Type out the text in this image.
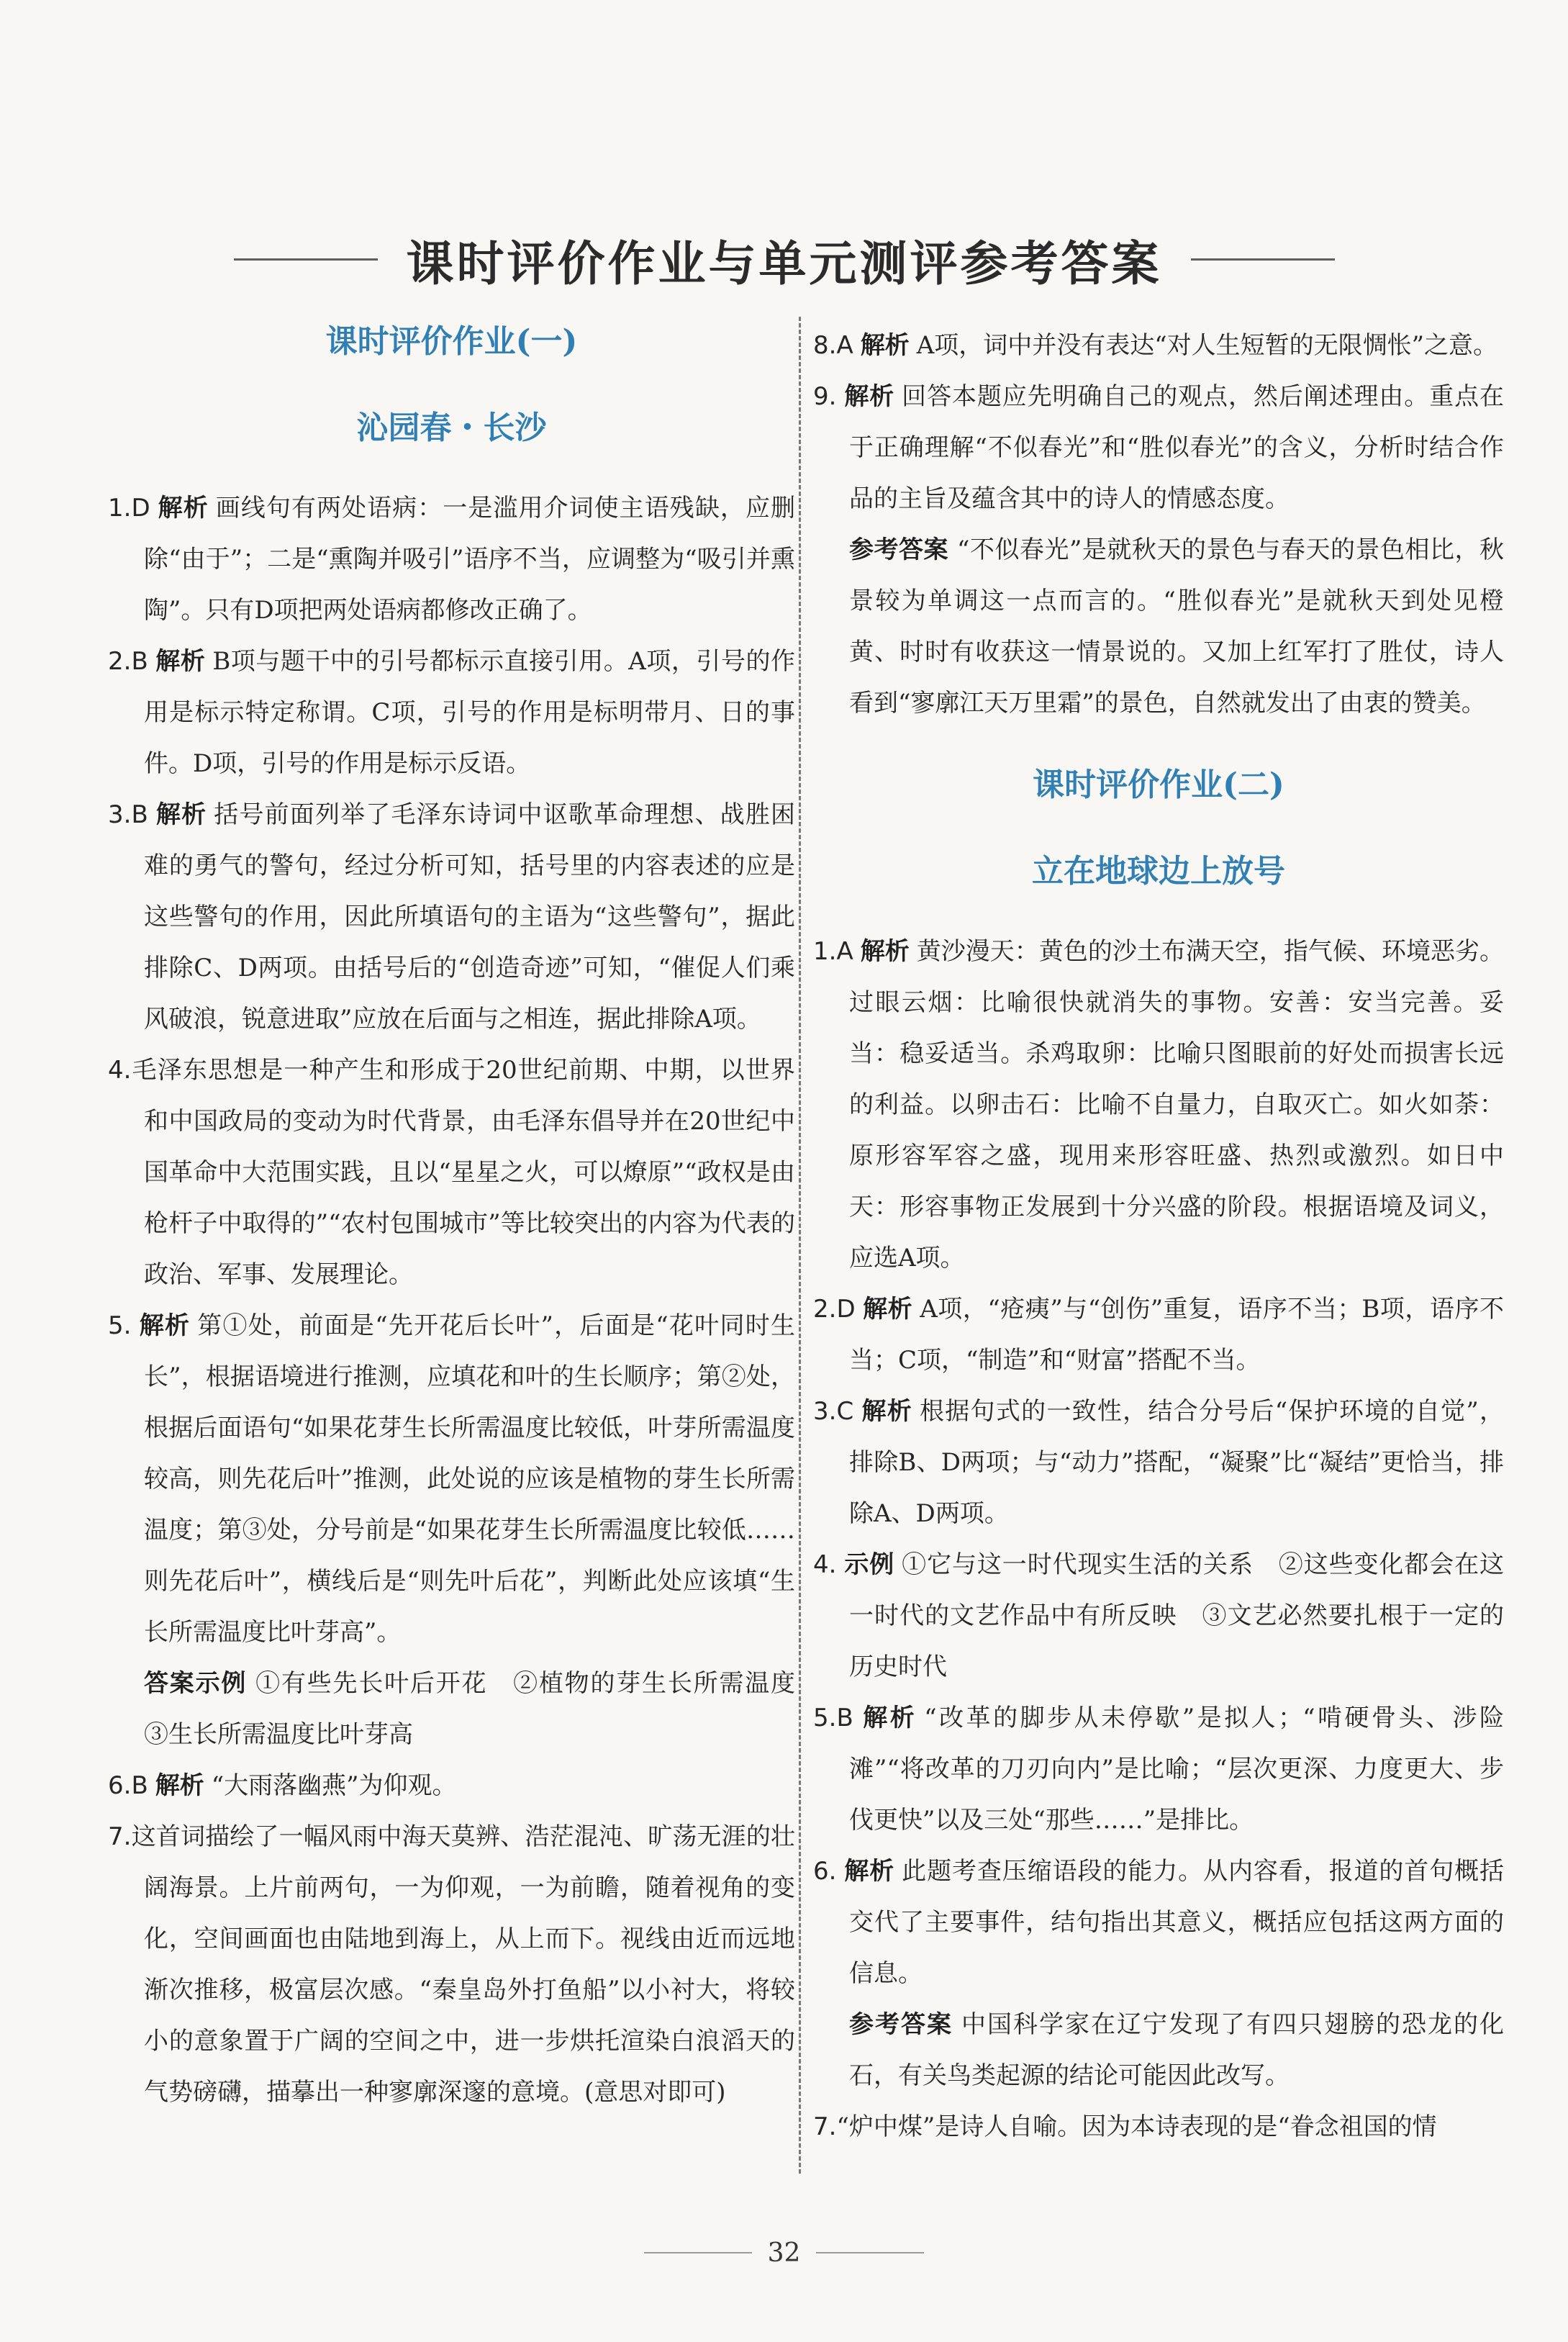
课时评价作业与单元测评参考答案

课时评价作业(一)

沁园春・长沙

1.D 解析 画线句有两处语病：一是滥用介词使主语残缺，应删除“由于”；二是“熏陶并吸引”语序不当，应调整为“吸引并熏陶”。只有D项把两处语病都修改正确了。

2.B 解析 B项与题干中的引号都标示直接引用。A项，引号的作用是标示特定称谓。C项，引号的作用是标明带月、日的事件。D项，引号的作用是标示反语。

3.B 解析 括号前面列举了毛泽东诗词中讴歌革命理想、战胜困难的勇气的警句，经过分析可知，括号里的内容表述的应是这些警句的作用，因此所填语句的主语为“这些警句”，据此排除C、D两项。由括号后的“创造奇迹”可知，“催促人们乘风破浪，锐意进取”应放在后面与之相连，据此排除A项。

4.毛泽东思想是一种产生和形成于20世纪前期、中期，以世界和中国政局的变动为时代背景，由毛泽东倡导并在20世纪中国革命中大范围实践，且以“星星之火，可以燎原”“政权是由枪杆子中取得的”“农村包围城市”等比较突出的内容为代表的政治、军事、发展理论。

5. 解析 第①处，前面是“先开花后长叶”，后面是“花叶同时生长”，根据语境进行推测，应填花和叶的生长顺序；第②处，根据后面语句“如果花芽生长所需温度比较低，叶芽所需温度较高，则先花后叶”推测，此处说的应该是植物的芽生长所需温度；第③处，分号前是“如果花芽生长所需温度比较低……则先花后叶”，横线后是“则先叶后花”，判断此处应该填“生长所需温度比叶芽高”。

答案示例 ①有些先长叶后开花　②植物的芽生长所需温度　③生长所需温度比叶芽高

6.B 解析 “大雨落幽燕”为仰观。

7.这首词描绘了一幅风雨中海天莫辨、浩茫混沌、旷荡无涯的壮阔海景。上片前两句，一为仰观，一为前瞻，随着视角的变化，空间画面也由陆地到海上，从上而下。视线由近而远地渐次推移，极富层次感。“秦皇岛外打鱼船”以小衬大，将较小的意象置于广阔的空间之中，进一步烘托渲染白浪滔天的气势磅礴，描摹出一种寥廓深邃的意境。(意思对即可)

8.A 解析 A项，词中并没有表达“对人生短暂的无限惆怅”之意。

9. 解析 回答本题应先明确自己的观点，然后阐述理由。重点在于正确理解“不似春光”和“胜似春光”的含义，分析时结合作品的主旨及蕴含其中的诗人的情感态度。

参考答案 “不似春光”是就秋天的景色与春天的景色相比，秋景较为单调这一点而言的。“胜似春光”是就秋天到处见橙黄、时时有收获这一情景说的。又加上红军打了胜仗，诗人看到“寥廓江天万里霜”的景色，自然就发出了由衷的赞美。

课时评价作业(二)

立在地球边上放号

1.A 解析 黄沙漫天：黄色的沙土布满天空，指气候、环境恶劣。过眼云烟：比喻很快就消失的事物。安善：安当完善。妥当：稳妥适当。杀鸡取卵：比喻只图眼前的好处而损害长远的利益。以卵击石：比喻不自量力，自取灭亡。如火如荼：原形容军容之盛，现用来形容旺盛、热烈或激烈。如日中天：形容事物正发展到十分兴盛的阶段。根据语境及词义，应选A项。

2.D 解析 A项，“疮痍”与“创伤”重复，语序不当；B项，语序不当；C项，“制造”和“财富”搭配不当。

3.C 解析 根据句式的一致性，结合分号后“保护环境的自觉”，排除B、D两项；与“动力”搭配，“凝聚”比“凝结”更恰当，排除A、D两项。

4. 示例 ①它与这一时代现实生活的关系　②这些变化都会在这一时代的文艺作品中有所反映　③文艺必然要扎根于一定的历史时代

5.B 解析 “改革的脚步从未停歇”是拟人；“啃硬骨头、涉险滩”“将改革的刀刃向内”是比喻；“层次更深、力度更大、步伐更快”以及三处“那些……”是排比。

6. 解析 此题考查压缩语段的能力。从内容看，报道的首句概括交代了主要事件，结句指出其意义，概括应包括这两方面的信息。

参考答案 中国科学家在辽宁发现了有四只翅膀的恐龙的化石，有关鸟类起源的结论可能因此改写。

7.“炉中煤”是诗人自喻。因为本诗表现的是“眷念祖国的情

32
